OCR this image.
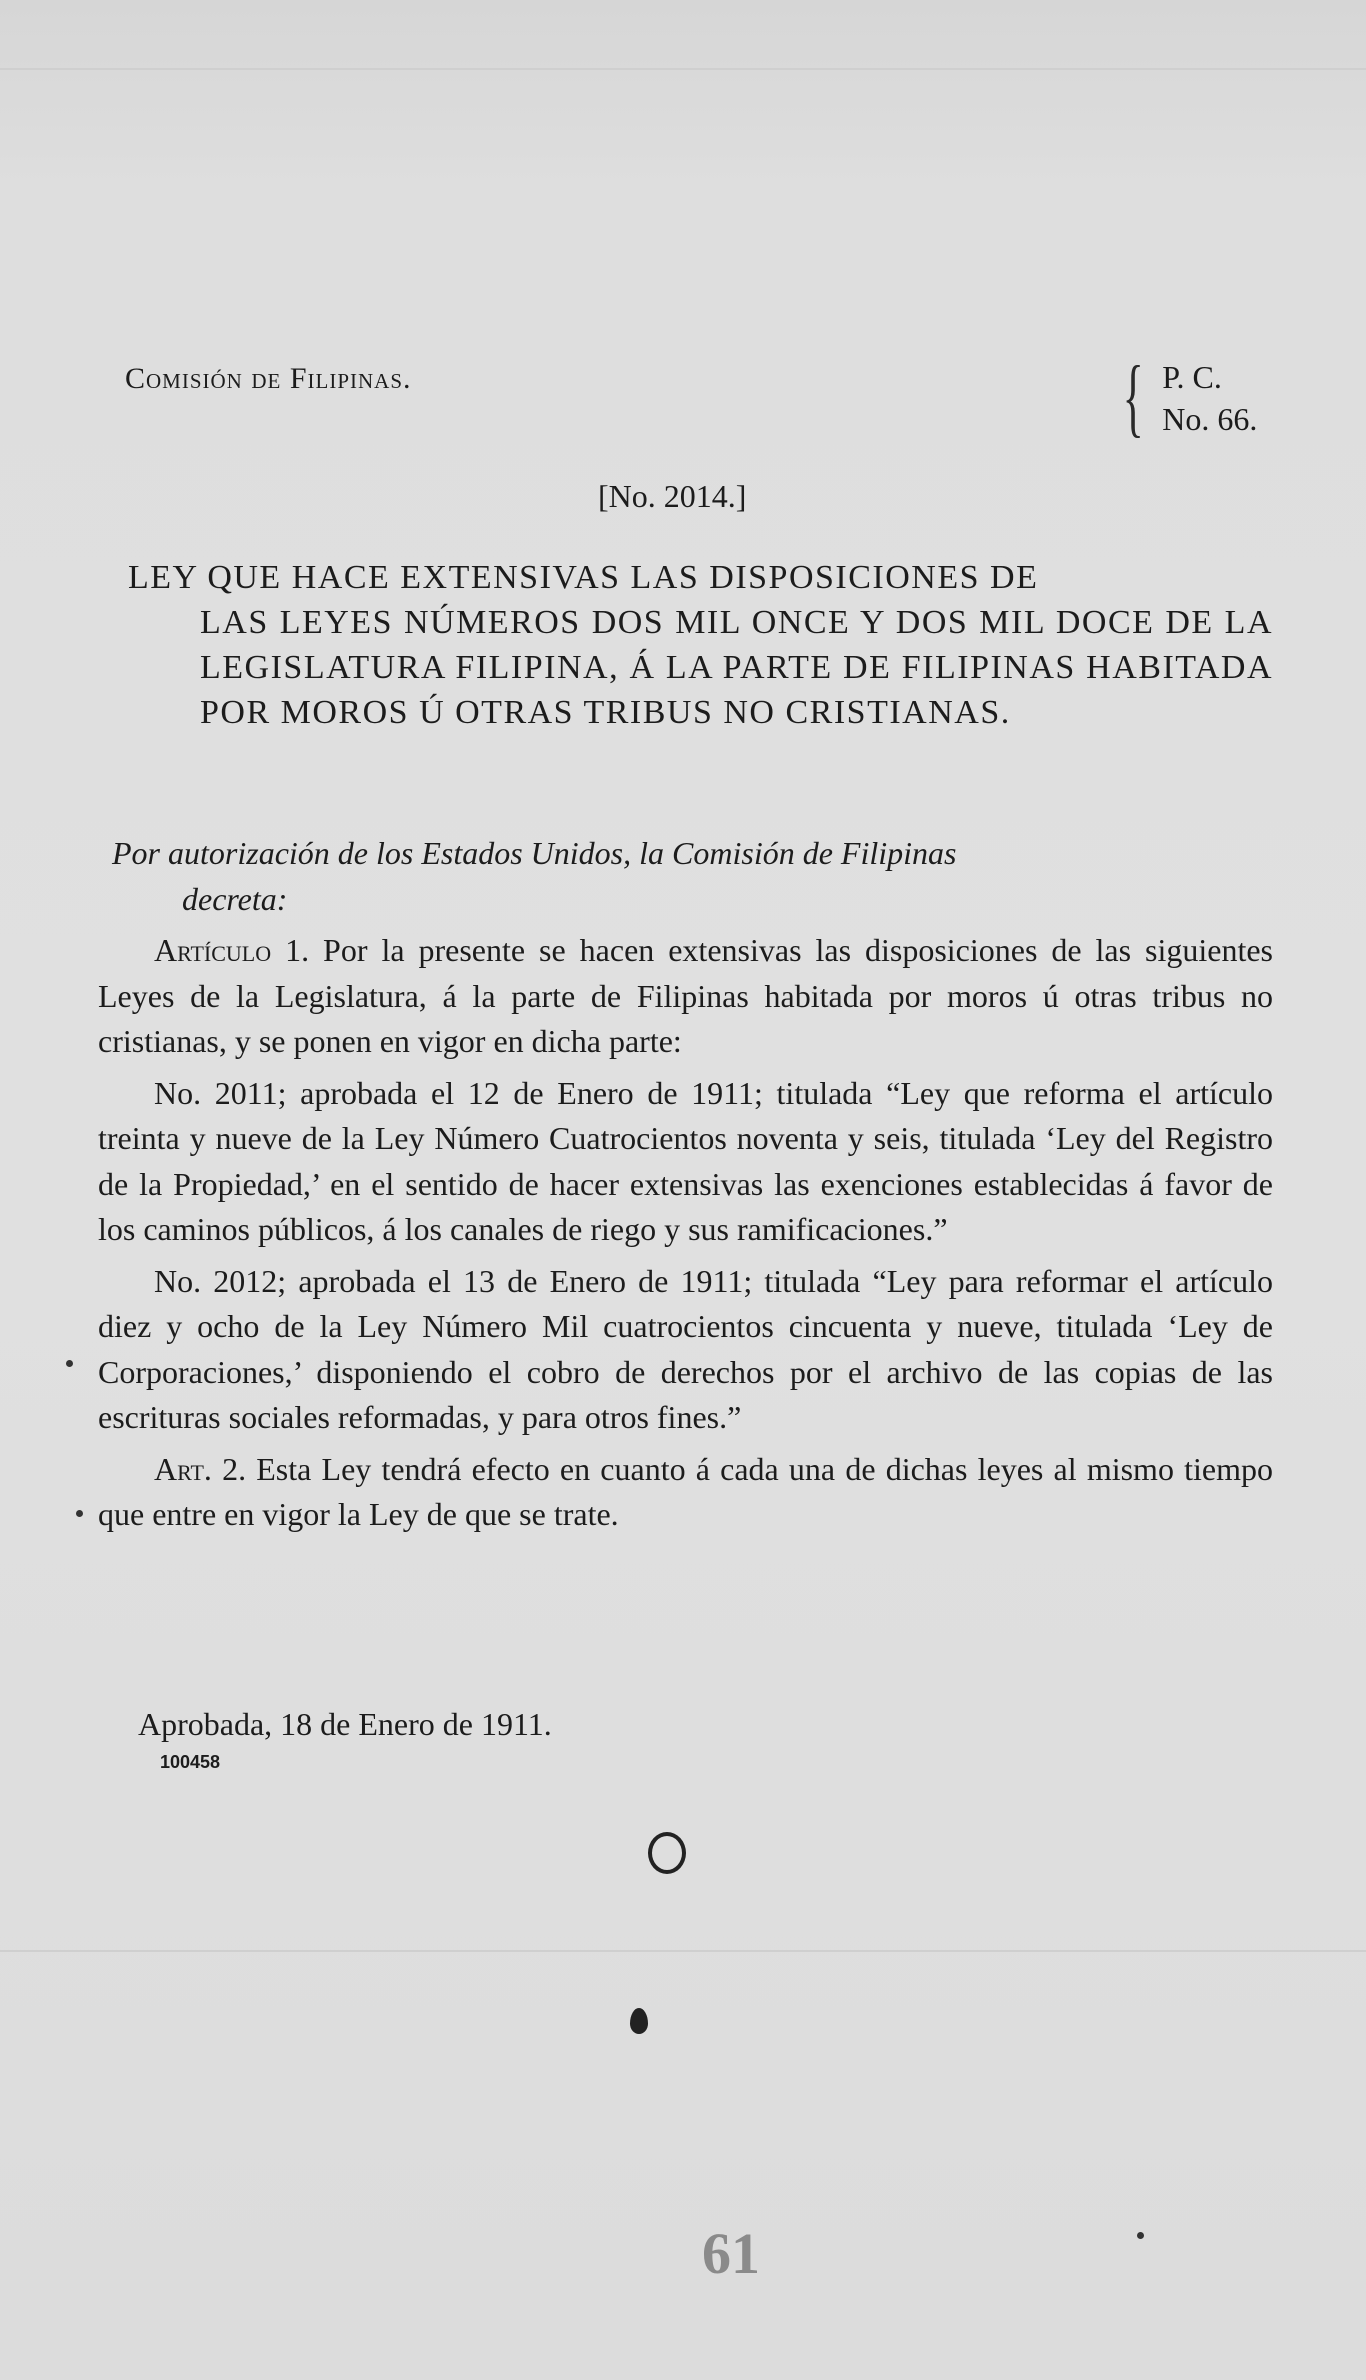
Comisión de Filipinas.	{ P. C.
No. 66.
[No. 2014.]
LEY QUE HACE EXTENSIVAS LAS DISPOSICIONES DE
LAS LEYES NÚMEROS DOS MIL ONCE Y DOS MIL DOCE DE LA LEGISLATURA FILIPINA, Á LA PARTE DE FILIPINAS HABITADA POR MOROS Ú OTRAS TRIBUS NO CRISTIANAS.
Por autorización de los Estados Unidos, la Comisión de Filipinas
decreta:

Artículo 1. Por la presente se hacen extensivas las disposiciones de las siguientes Leyes de la Legislatura, á la parte de Filipinas habitada por moros ú otras tribus no cristianas, y se ponen en vigor en dicha parte:

No. 2011; aprobada el 12 de Enero de 1911; titulada “Ley que reforma el artículo treinta y nueve de la Ley Número Cuatrocientos noventa y seis, titulada ‘Ley del Registro de la Propiedad,’ en el sentido de hacer extensivas las exenciones establecidas á favor de los caminos públicos, á los canales de riego y sus ramificaciones.”

No. 2012; aprobada el 13 de Enero de 1911; titulada “Ley para reformar el artículo diez y ocho de la Ley Número Mil cuatrocientos cincuenta y nueve, titulada ‘Ley de Corporaciones,’ disponiendo el cobro de derechos por el archivo de las copias de las escrituras sociales reformadas, y para otros fines.”

Art. 2. Esta Ley tendrá efecto en cuanto á cada una de dichas leyes al mismo tiempo que entre en vigor la Ley de que se trate.

Aprobada, 18 de Enero de 1911.
100458
61
